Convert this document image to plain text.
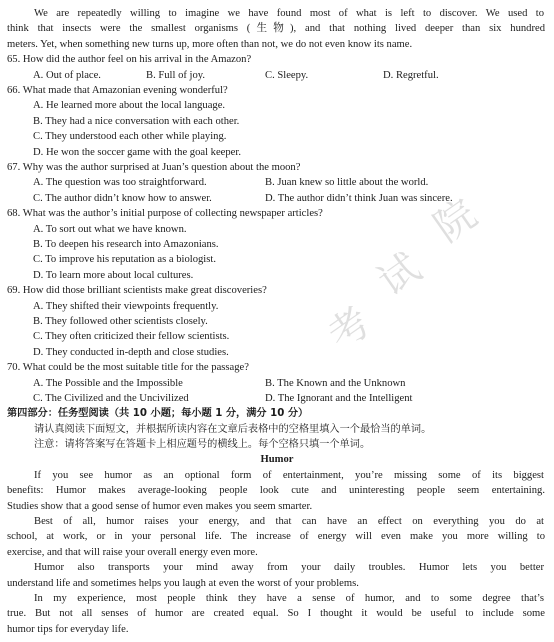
We are repeatedly willing to imagine we have found most of what is left to discover. We used to
think that insects were the smallest organisms (生物), and that nothing lived deeper than six hundred
meters. Yet, when something new turns up, more often than not, we do not even know its name.
65. How did the author feel on his arrival in the Amazon?
A. Out of place.	B. Full of joy.	C. Sleepy.	D. Regretful.
66. What made that Amazonian evening wonderful?
A. He learned more about the local language.
B. They had a nice conversation with each other.
C. They understood each other while playing.
D. He won the soccer game with the goal keeper.
67. Why was the author surprised at Juan’s question about the moon?
A. The question was too straightforward.	B. Juan knew so little about the world.
C. The author didn’t know how to answer.	D. The author didn’t think Juan was sincere.
68. What was the author’s initial purpose of collecting newspaper articles?
A. To sort out what we have known.
B. To deepen his research into Amazonians.
C. To improve his reputation as a biologist.
D. To learn more about local cultures.
69. How did those brilliant scientists make great discoveries?
A. They shifted their viewpoints frequently.
B. They followed other scientists closely.
C. They often criticized their fellow scientists.
D. They conducted in-depth and close studies.
70. What could be the most suitable title for the passage?
A. The Possible and the Impossible	B. The Known and the Unknown
C. The Civilized and the Uncivilized	D. The Ignorant and the Intelligent
第四部分：任务型阅读（共 10 小题；每小题 1 分，满分 10 分）
请认真阅读下面短文，并根据所读内容在文章后表格中的空格里填入一个最恰当的单词。
注意：请将答案写在答题卡上相应题号的横线上。每个空格只填一个单词。
Humor
If you see humor as an optional form of entertainment, you’re missing some of its biggest
benefits: Humor makes average-looking people look cute and uninteresting people seem entertaining.
Studies show that a good sense of humor even makes you seem smarter.
Best of all, humor raises your energy, and that can have an effect on everything you do at
school, at work, or in your personal life. The increase of energy will even make you more willing to
exercise, and that will raise your overall energy even more.
Humor also transports your mind away from your daily troubles. Humor lets you better
understand life and sometimes helps you laugh at even the worst of your problems.
In my experience, most people think they have a sense of humor, and to some degree that’s
true. But not all senses of humor are created equal. So I thought it would be useful to include some
humor tips for everyday life.
院
试
考
